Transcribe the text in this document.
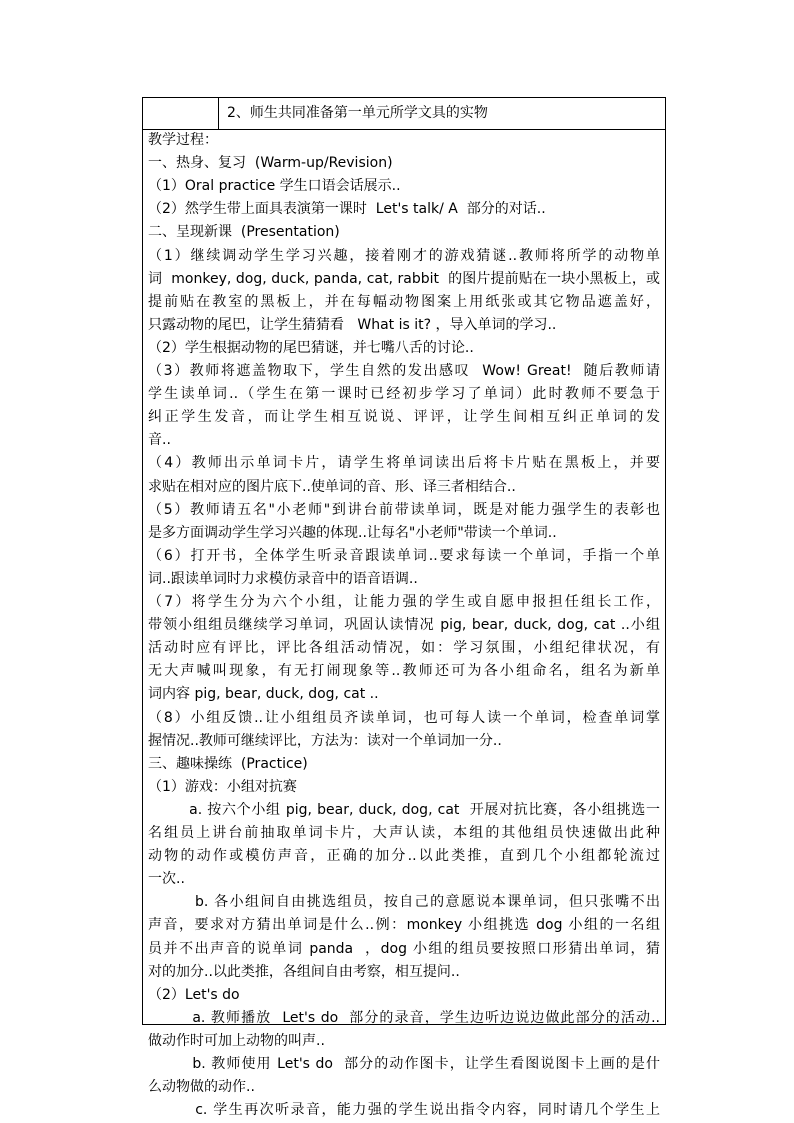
2、师生共同准备第一单元所学文具的实物
教学过程：
一、热身、复习  (Warm-up/Revision)
（1）Oral practice 学生口语会话展示..
（2）然学生带上面具表演第一课时  Let's talk/ A  部分的对话..
二、呈现新课  (Presentation)
（1）继续调动学生学习兴趣，接着刚才的游戏猜谜..教师将所学的动物单
词  monkey, dog, duck, panda, cat, rabbit  的图片提前贴在一块小黑板上，或
提前贴在教室的黑板上，并在每幅动物图案上用纸张或其它物品遮盖好，
只露动物的尾巴，让学生猜猜看   What is it? ，导入单词的学习..
（2）学生根据动物的尾巴猜谜，并七嘴八舌的讨论..
（3）教师将遮盖物取下，学生自然的发出感叹  Wow! Great!  随后教师请
学生读单词..（学生在第一课时已经初步学习了单词）此时教师不要急于
纠正学生发音，而让学生相互说说、评评，让学生间相互纠正单词的发
音..
（4）教师出示单词卡片，请学生将单词读出后将卡片贴在黑板上，并要
求贴在相对应的图片底下..使单词的音、形、译三者相结合..
（5）教师请五名"小老师"到讲台前带读单词，既是对能力强学生的表彰也
是多方面调动学生学习兴趣的体现..让每名"小老师"带读一个单词..
（6）打开书，全体学生听录音跟读单词..要求每读一个单词，手指一个单
词..跟读单词时力求模仿录音中的语音语调..
（7）将学生分为六个小组，让能力强的学生或自愿申报担任组长工作，
带领小组组员继续学习单词，巩固认读情况 pig, bear, duck, dog, cat ..小组
活动时应有评比，评比各组活动情况，如：学习氛围，小组纪律状况，有
无大声喊叫现象，有无打闹现象等..教师还可为各小组命名，组名为新单
词内容 pig, bear, duck, dog, cat ..
（8）小组反馈..让小组组员齐读单词，也可每人读一个单词，检查单词掌
握情况..教师可继续评比，方法为：读对一个单词加一分..
三、趣味操练  (Practice)
（1）游戏：小组对抗赛
a. 按六个小组 pig, bear, duck, dog, cat  开展对抗比赛，各小组挑选一
名组员上讲台前抽取单词卡片，大声认读，本组的其他组员快速做出此种
动物的动作或模仿声音，正确的加分..以此类推，直到几个小组都轮流过
一次..
b. 各小组间自由挑选组员，按自己的意愿说本课单词，但只张嘴不出
声音，要求对方猜出单词是什么..例：monkey 小组挑选 dog 小组的一名组
员并不出声音的说单词 panda  ，dog 小组的组员要按照口形猜出单词，猜
对的加分..以此类推，各组间自由考察，相互提问..
（2）Let's do
a. 教师播放  Let's do  部分的录音，学生边听边说边做此部分的活动..
做动作时可加上动物的叫声..
b. 教师使用 Let's do  部分的动作图卡，让学生看图说图卡上画的是什
么动物做的动作..
c. 学生再次听录音，能力强的学生说出指令内容，同时请几个学生上
